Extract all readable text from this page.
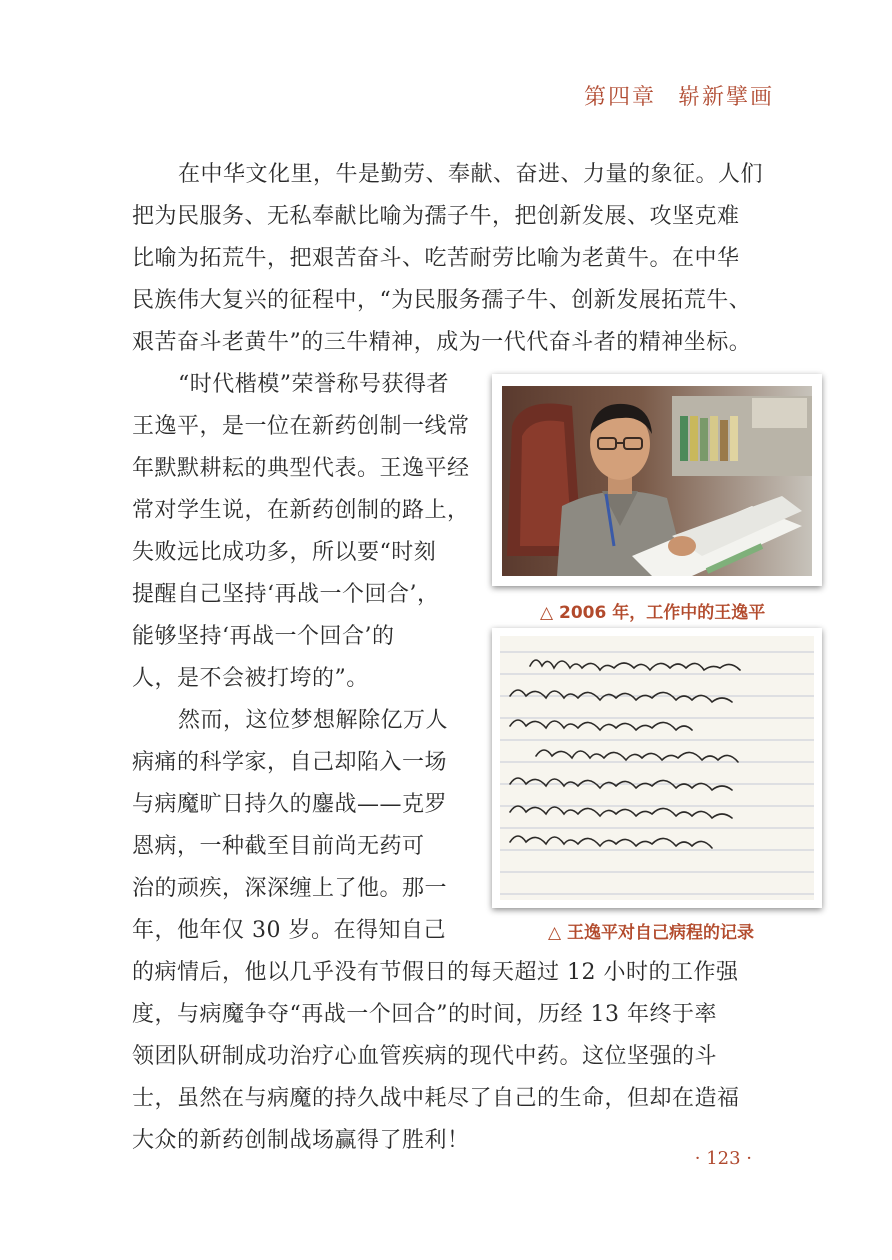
第四章 崭新擘画
在中华文化里，牛是勤劳、奉献、奋进、力量的象征。人们
把为民服务、无私奉献比喻为孺子牛，把创新发展、攻坚克难
比喻为拓荒牛，把艰苦奋斗、吃苦耐劳比喻为老黄牛。在中华
民族伟大复兴的征程中，“为民服务孺子牛、创新发展拓荒牛、
艰苦奋斗老黄牛”的三牛精神，成为一代代奋斗者的精神坐标。
“时代楷模”荣誉称号获得者
王逸平，是一位在新药创制一线常
年默默耕耘的典型代表。王逸平经
常对学生说，在新药创制的路上，
失败远比成功多，所以要“时刻
提醒自己坚持‘再战一个回合’，
能够坚持‘再战一个回合’的
人，是不会被打垮的”。
然而，这位梦想解除亿万人
病痛的科学家，自己却陷入一场
与病魔旷日持久的鏖战——克罗
恩病，一种截至目前尚无药可
治的顽疾，深深缠上了他。那一
年，他年仅 30 岁。在得知自己
的病情后，他以几乎没有节假日的每天超过 12 小时的工作强
度，与病魔争夺“再战一个回合”的时间，历经 13 年终于率
领团队研制成功治疗心血管疾病的现代中药。这位坚强的斗
士，虽然在与病魔的持久战中耗尽了自己的生命，但却在造福
大众的新药创制战场赢得了胜利！
△ 2006 年，工作中的王逸平
△ 王逸平对自己病程的记录
· 123 ·
